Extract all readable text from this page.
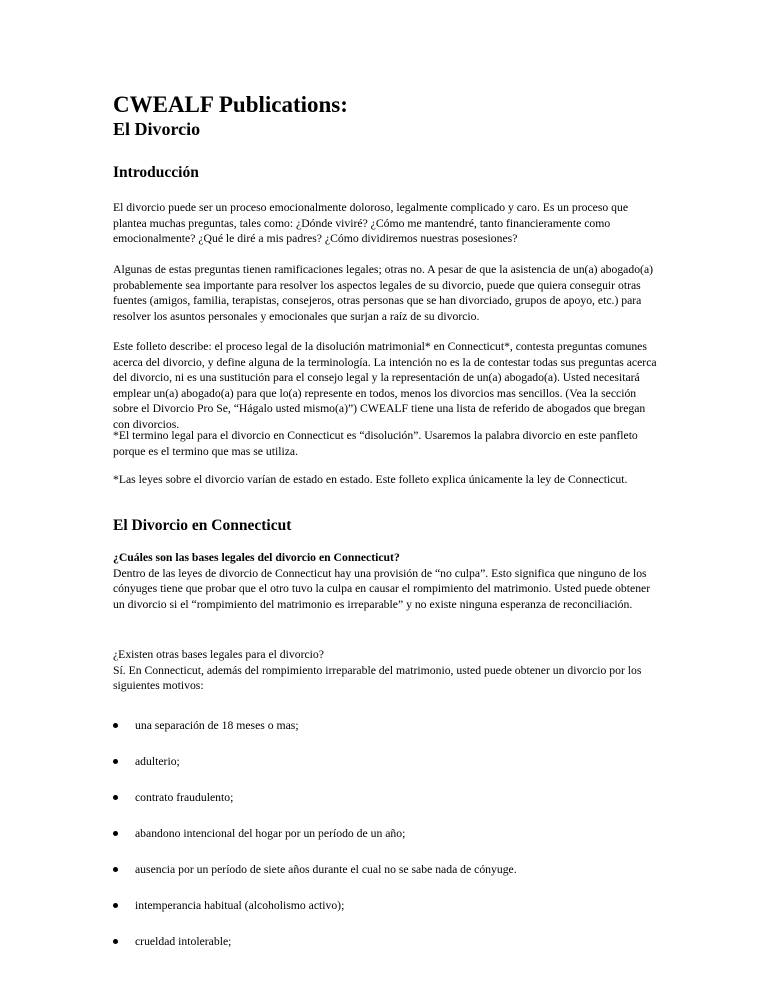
CWEALF Publications:
El Divorcio
Introducción

El divorcio puede ser un proceso emocionalmente doloroso, legalmente complicado y caro. Es un proceso que plantea muchas preguntas, tales como: ¿Dónde viviré? ¿Cómo me mantendré, tanto financieramente como emocionalmente? ¿Qué le diré a mis padres? ¿Cómo dividiremos nuestras posesiones?

Algunas de estas preguntas tienen ramificaciones legales; otras no. A pesar de que la asistencia de un(a) abogado(a) probablemente sea importante para resolver los aspectos legales de su divorcio, puede que quiera conseguir otras fuentes (amigos, familia, terapistas, consejeros, otras personas que se han divorciado, grupos de apoyo, etc.) para resolver los asuntos personales y emocionales que surjan a raíz de su divorcio.

Este folleto describe: el proceso legal de la disolución matrimonial* en Connecticut*, contesta preguntas comunes acerca del divorcio, y define alguna de la terminología. La intención no es la de contestar todas sus preguntas acerca del divorcio, ni es una sustitución para el consejo legal y la representación de un(a) abogado(a). Usted necesitará emplear un(a) abogado(a) para que lo(a) represente en todos, menos los divorcios mas sencillos. (Vea la sección sobre el Divorcio Pro Se, “Hágalo usted mismo(a)”) CWEALF tiene una lista de referido de abogados que bregan con divorcios.

*El termino legal para el divorcio en Connecticut es “disolución”. Usaremos la palabra divorcio en este panfleto porque es el termino que mas se utiliza.

*Las leyes sobre el divorcio varían de estado en estado. Este folleto explica únicamente la ley de Connecticut.

El Divorcio en Connecticut
¿Cuáles son las bases legales del divorcio en Connecticut?
Dentro de las leyes de divorcio de Connecticut hay una provisión de “no culpa”. Esto significa que ninguno de los cónyuges tiene que probar que el otro tuvo la culpa en causar el rompimiento del matrimonio. Usted puede obtener un divorcio si el “rompimiento del matrimonio es irreparable” y no existe ninguna esperanza de reconciliación.
¿Existen otras bases legales para el divorcio?
Sí. En Connecticut, además del rompimiento irreparable del matrimonio, usted puede obtener un divorcio por los siguientes motivos:
una separación de 18 meses o mas;
adulterio;
contrato fraudulento;
abandono intencional del hogar por un período de un año;
ausencia por un período de siete años durante el cual no se sabe nada de cónyuge.
intemperancia habitual (alcoholismo activo);
crueldad intolerable;
